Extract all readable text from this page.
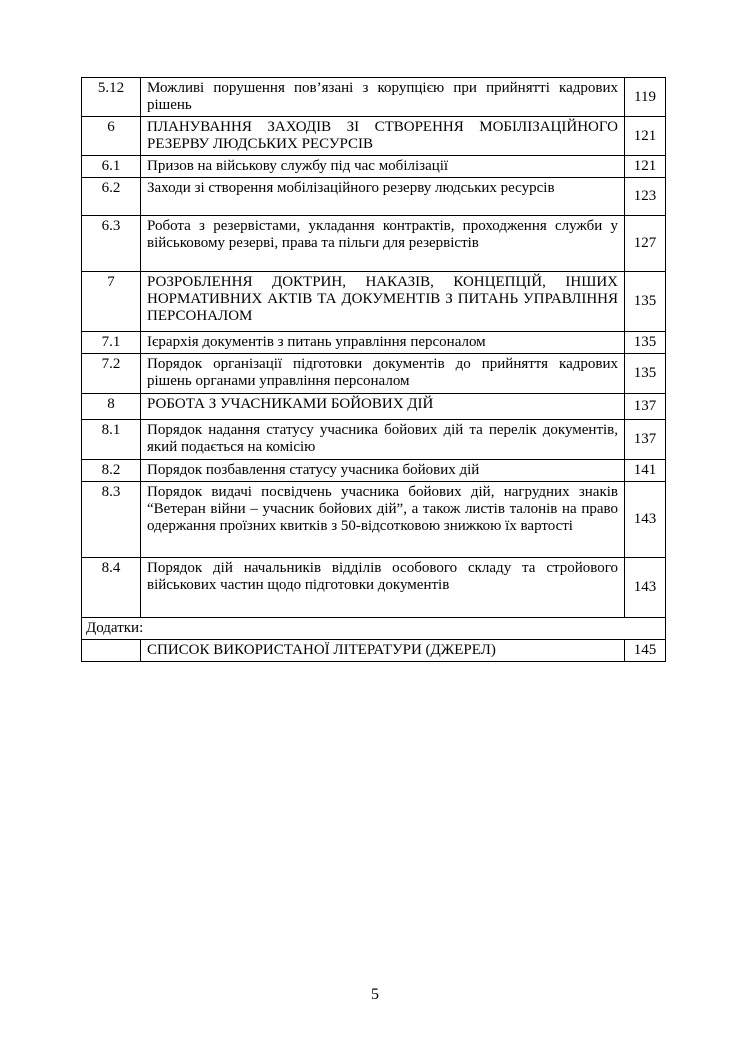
5.12	Можливі порушення пов’язані з корупцією при прийнятті кадрових рішень	119
6	ПЛАНУВАННЯ ЗАХОДІВ ЗІ СТВОРЕННЯ МОБІЛІЗАЦІЙНОГО РЕЗЕРВУ ЛЮДСЬКИХ РЕСУРСІВ	121
6.1	Призов на військову службу під час мобілізації	121
6.2	Заходи зі створення мобілізаційного резерву людських ресурсів	123
6.3	Робота з резервістами, укладання контрактів, проходження служби у військовому резерві, права та пільги для резервістів	127
7	РОЗРОБЛЕННЯ ДОКТРИН, НАКАЗІВ, КОНЦЕПЦІЙ, ІНШИХ НОРМАТИВНИХ АКТІВ ТА ДОКУМЕНТІВ З ПИТАНЬ УПРАВЛІННЯ ПЕРСОНАЛОМ	135
7.1	Ієрархія документів з питань управління персоналом	135
7.2	Порядок організації підготовки документів до прийняття кадрових рішень органами управління персоналом	135
8	РОБОТА З УЧАСНИКАМИ БОЙОВИХ ДІЙ	137
8.1	Порядок надання статусу учасника бойових дій та перелік документів, який подається на комісію	137
8.2	Порядок позбавлення статусу учасника бойових дій	141
8.3	Порядок видачі посвідчень учасника бойових дій, нагрудних знаків “Ветеран війни – учасник бойових дій”, а також листів талонів на право одержання проїзних квитків з 50-відсотковою знижкою їх вартості	143
8.4	Порядок дій начальників відділів особового складу та стройового військових частин щодо підготовки документів	143
Додатки:		
	СПИСОК ВИКОРИСТАНОЇ ЛІТЕРАТУРИ (ДЖЕРЕЛ)	145
5
